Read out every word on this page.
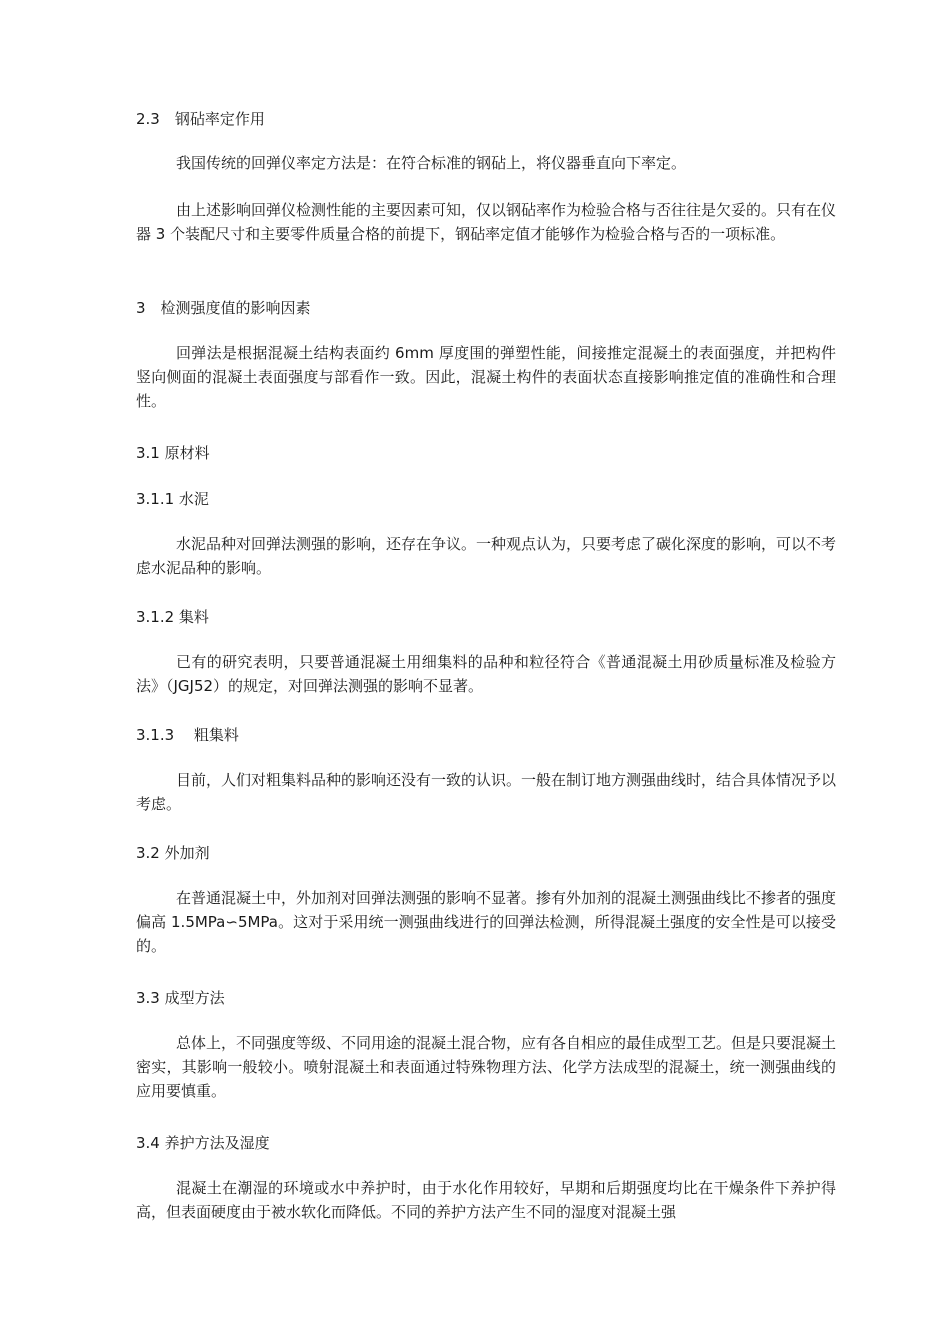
2.3　钢砧率定作用

我国传统的回弹仪率定方法是：在符合标准的钢砧上，将仪器垂直向下率定。

由上述影响回弹仪检测性能的主要因素可知，仅以钢砧率作为检验合格与否往往是欠妥的。只有在仪器 3 个装配尺寸和主要零件质量合格的前提下，钢砧率定值才能够作为检验合格与否的一项标准。

3　检测强度值的影响因素

回弹法是根据混凝土结构表面约 6mm 厚度围的弹塑性能，间接推定混凝土的表面强度，并把构件竖向侧面的混凝土表面强度与部看作一致。因此，混凝土构件的表面状态直接影响推定值的准确性和合理性。

3.1 原材料

3.1.1 水泥

水泥品种对回弹法测强的影响，还存在争议。一种观点认为，只要考虑了碳化深度的影响，可以不考虑水泥品种的影响。

3.1.2 集料

已有的研究表明，只要普通混凝土用细集料的品种和粒径符合《普通混凝土用砂质量标准及检验方法》（JGJ52）的规定，对回弹法测强的影响不显著。

3.1.3　 粗集料

目前，人们对粗集料品种的影响还没有一致的认识。一般在制订地方测强曲线时，结合具体情况予以考虑。

3.2 外加剂

在普通混凝土中，外加剂对回弹法测强的影响不显著。掺有外加剂的混凝土测强曲线比不掺者的强度偏高 1.5MPa∽5MPa。这对于采用统一测强曲线进行的回弹法检测，所得混凝土强度的安全性是可以接受的。

3.3 成型方法

总体上，不同强度等级、不同用途的混凝土混合物，应有各自相应的最佳成型工艺。但是只要混凝土密实，其影响一般较小。喷射混凝土和表面通过特殊物理方法、化学方法成型的混凝土，统一测强曲线的应用要慎重。

3.4 养护方法及湿度

混凝土在潮湿的环境或水中养护时，由于水化作用较好，早期和后期强度均比在干燥条件下养护得高，但表面硬度由于被水软化而降低。不同的养护方法产生不同的湿度对混凝土强
